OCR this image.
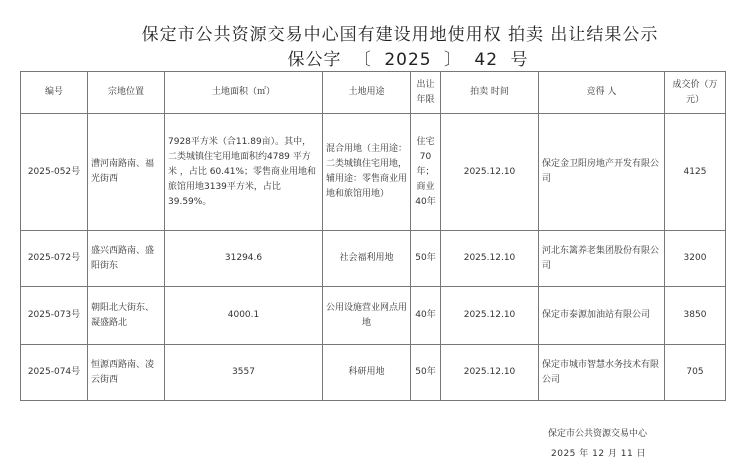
保定市公共资源交易中心国有建设用地使用权 拍卖 出让结果公示
保公字 〔 2025 〕 42 号
编号	宗地位置	土地面积（㎡）	土地用途	出让年限	拍卖 时间	竞得 人	成交价（万元）
2025-052号	漕河南路南、福光街西	7928平方米（合11.89亩）。其中，二类城镇住宅用地面积约4789 平方米 ，占比 60.41%；零售商业用地和旅馆用地3139平方米，占比39.59%。	混合用地（主用途：二类城镇住宅用地，辅用途：零售商业用地和旅馆用地）	住宅70年；商业40年	2025.12.10	保定金卫阳房地产开发有限公司	4125
2025-072号	盛兴西路南、盛阳街东	31294.6	社会福利用地	50年	2025.12.10	河北东篱养老集团股份有限公司	3200
2025-073号	朝阳北大街东、凝盛路北	4000.1	公用设施营业网点用地	40年	2025.12.10	保定市泰源加油站有限公司	3850
2025-074号	恒源西路南、凌云街西	3557	科研用地	50年	2025.12.10	保定市城市智慧水务技术有限公司	705
保定市公共资源交易中心
2025 年 12 月 11 日
